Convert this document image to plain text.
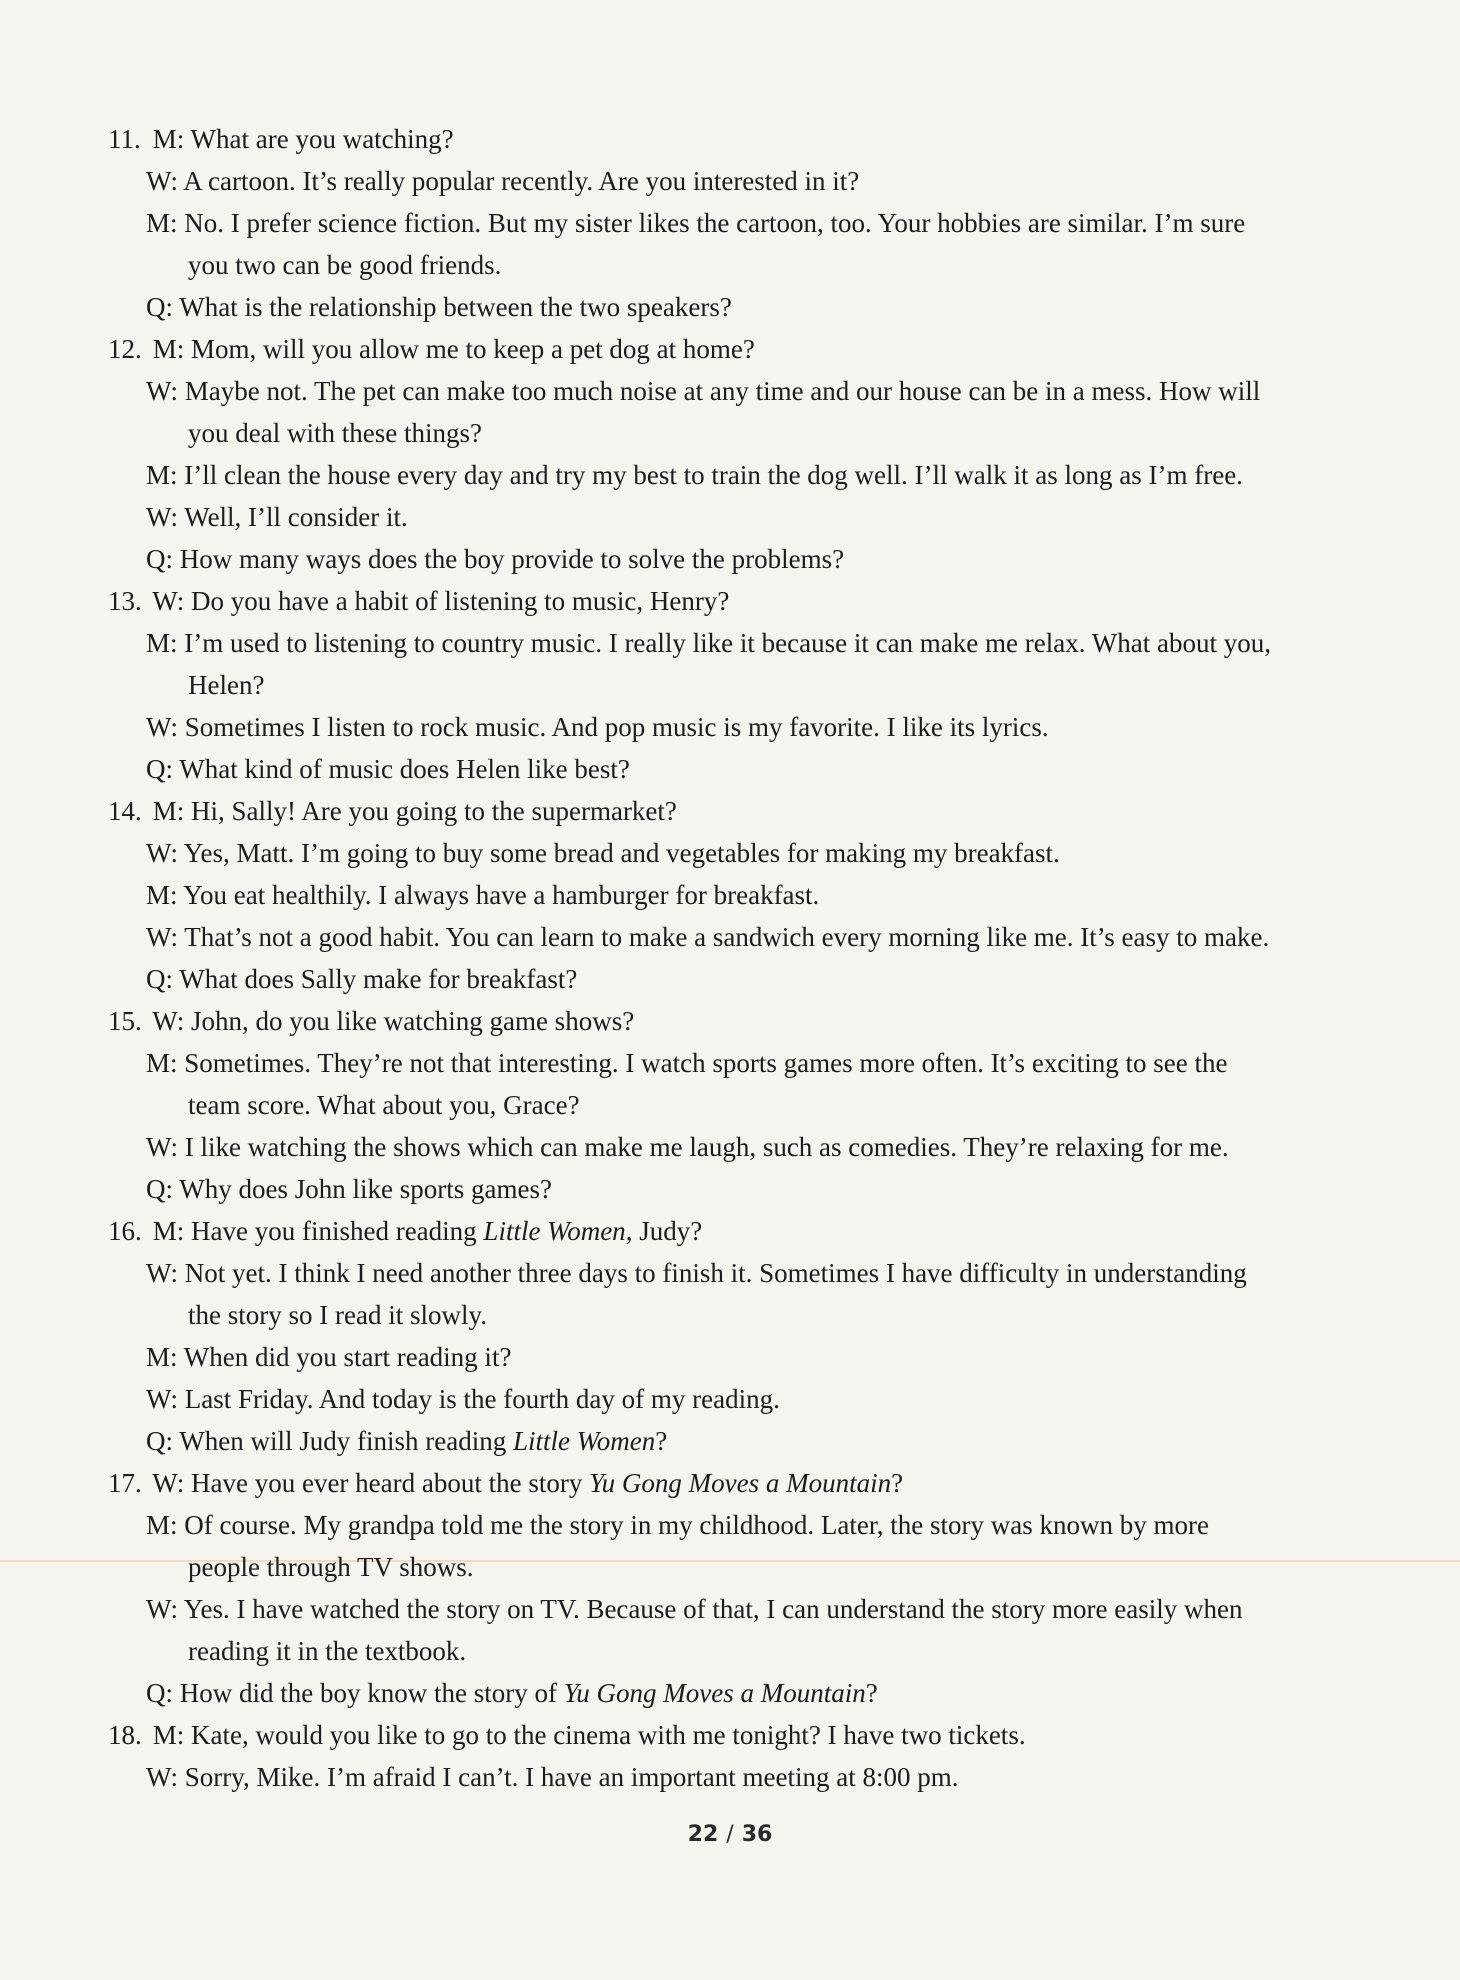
11. M: What are you watching?
W: A cartoon. It’s really popular recently. Are you interested in it?
M: No. I prefer science fiction. But my sister likes the cartoon, too. Your hobbies are similar. I’m sure
you two can be good friends.
Q: What is the relationship between the two speakers?
12. M: Mom, will you allow me to keep a pet dog at home?
W: Maybe not. The pet can make too much noise at any time and our house can be in a mess. How will
you deal with these things?
M: I’ll clean the house every day and try my best to train the dog well. I’ll walk it as long as I’m free.
W: Well, I’ll consider it.
Q: How many ways does the boy provide to solve the problems?
13. W: Do you have a habit of listening to music, Henry?
M: I’m used to listening to country music. I really like it because it can make me relax. What about you,
Helen?
W: Sometimes I listen to rock music. And pop music is my favorite. I like its lyrics.
Q: What kind of music does Helen like best?
14. M: Hi, Sally! Are you going to the supermarket?
W: Yes, Matt. I’m going to buy some bread and vegetables for making my breakfast.
M: You eat healthily. I always have a hamburger for breakfast.
W: That’s not a good habit. You can learn to make a sandwich every morning like me. It’s easy to make.
Q: What does Sally make for breakfast?
15. W: John, do you like watching game shows?
M: Sometimes. They’re not that interesting. I watch sports games more often. It’s exciting to see the
team score. What about you, Grace?
W: I like watching the shows which can make me laugh, such as comedies. They’re relaxing for me.
Q: Why does John like sports games?
16. M: Have you finished reading Little Women, Judy?
W: Not yet. I think I need another three days to finish it. Sometimes I have difficulty in understanding
the story so I read it slowly.
M: When did you start reading it?
W: Last Friday. And today is the fourth day of my reading.
Q: When will Judy finish reading Little Women?
17. W: Have you ever heard about the story Yu Gong Moves a Mountain?
M: Of course. My grandpa told me the story in my childhood. Later, the story was known by more
people through TV shows.
W: Yes. I have watched the story on TV. Because of that, I can understand the story more easily when
reading it in the textbook.
Q: How did the boy know the story of Yu Gong Moves a Mountain?
18. M: Kate, would you like to go to the cinema with me tonight? I have two tickets.
W: Sorry, Mike. I’m afraid I can’t. I have an important meeting at 8:00 pm.
22 / 36
